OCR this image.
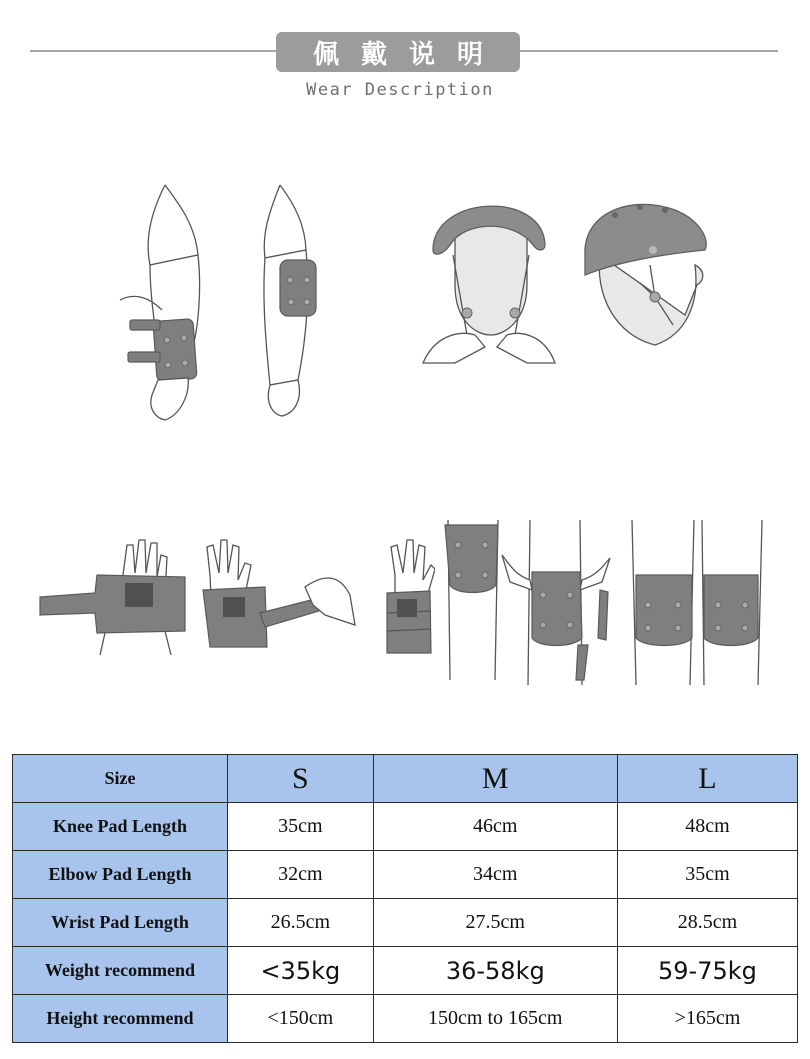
佩戴说明
Wear Description
Size	S	M	L
Knee Pad Length	35cm	46cm	48cm
Elbow Pad Length	32cm	34cm	35cm
Wrist Pad Length	26.5cm	27.5cm	28.5cm
Weight recommend	<35kg	36-58kg	59-75kg
Height recommend	<150cm	150cm to 165cm	>165cm
